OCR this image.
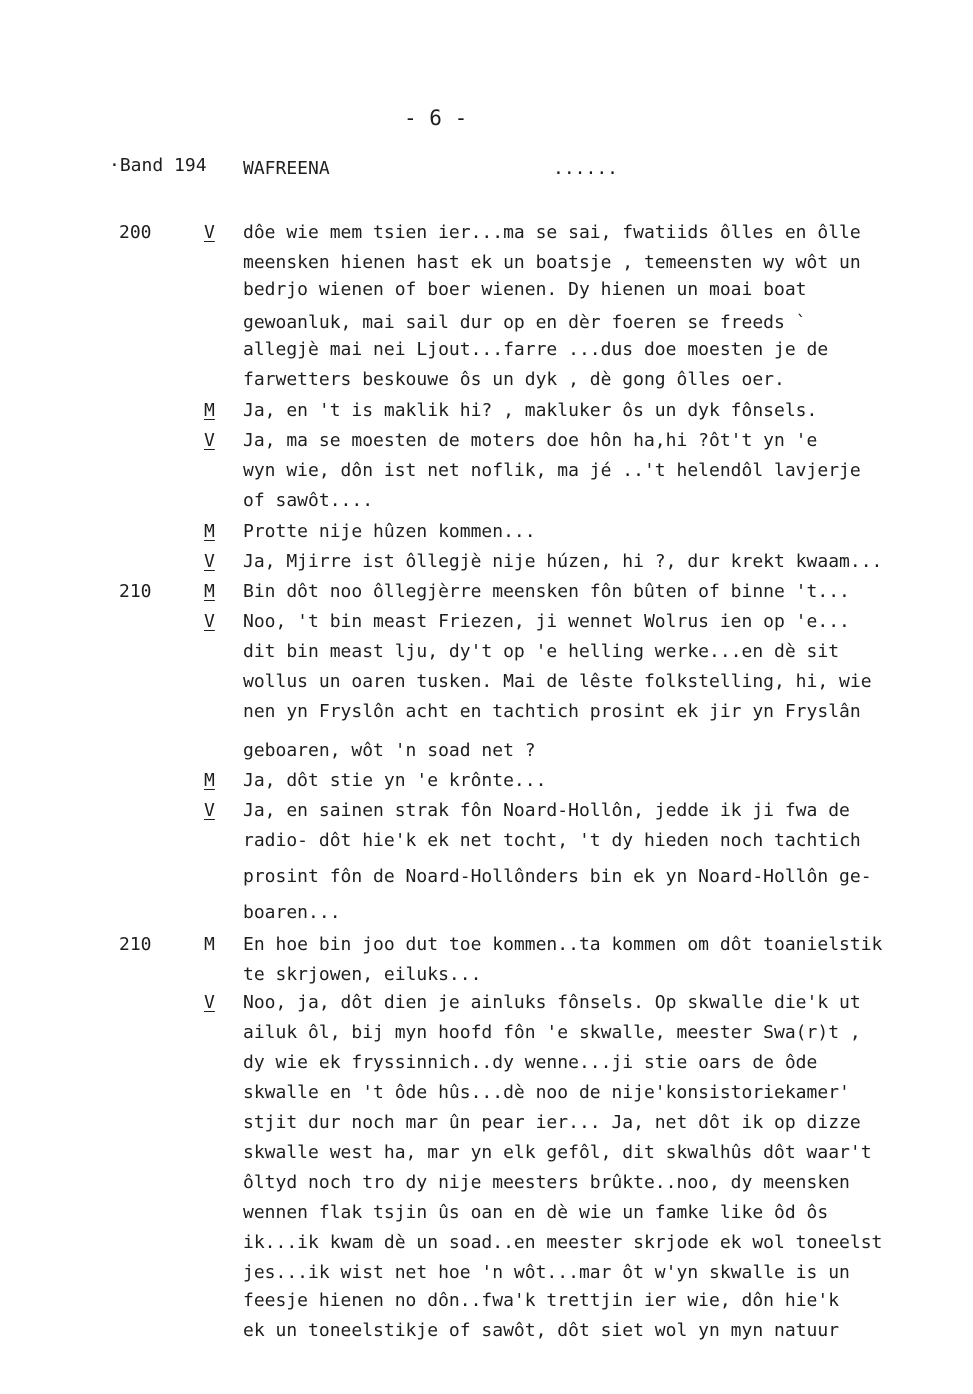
- 6 -
·Band 194 WAFREENA	......
200	V dôe wie mem tsien ier...ma se sai, fwatiids ôlles en ôlle
meensken hienen hast ek un boatsje , temeensten wy wôt un
bedrjo wienen of boer wienen. Dy hienen un moai boat
gewoanluk, mai sail dur op en dèr foeren se freeds `
allegjè mai nei Ljout...farre ...dus doe moesten je de
farwetters beskouwe ôs un dyk , dè gong ôlles oer.
M Ja, en 't is maklik hi? , makluker ôs un dyk fônsels.
V Ja, ma se moesten de moters doe hôn ha,hi ?ôt't yn 'e
wyn wie, dôn ist net noflik, ma jé ..'t helendôl lavjerje
of sawôt....
M Protte nije hûzen kommen...
V Ja, Mjirre ist ôllegjè nije húzen, hi ?, dur krekt kwaam...
210	M Bin dôt noo ôllegjèrre meensken fôn bûten of binne 't...
V Noo, 't bin meast Friezen, ji wennet Wolrus ien op 'e...
dit bin meast lju, dy't op 'e helling werke...en dè sit
wollus un oaren tusken. Mai de lêste folkstelling, hi, wie
nen yn Fryslôn acht en tachtich prosint ek jir yn Fryslân
geboaren, wôt 'n soad net ?
M Ja, dôt stie yn 'e krônte...
V Ja, en sainen strak fôn Noard-Hollôn, jedde ik ji fwa de
radio- dôt hie'k ek net tocht, 't dy hieden noch tachtich
prosint fôn de Noard-Hollônders bin ek yn Noard-Hollôn ge-
boaren...
210	M En hoe bin joo dut toe kommen..ta kommen om dôt toanielstik
te skrjowen, eiluks...
V Noo, ja, dôt dien je ainluks fônsels. Op skwalle die'k ut
ailuk ôl, bij myn hoofd fôn 'e skwalle, meester Swa(r)t ,
dy wie ek fryssinnich..dy wenne...ji stie oars de ôde
skwalle en 't ôde hûs...dè noo de nije'konsistoriekamer'
stjit dur noch mar ûn pear ier... Ja, net dôt ik op dizze
skwalle west ha, mar yn elk gefôl, dit skwalhûs dôt waar't
ôltyd noch tro dy nije meesters brûkte..noo, dy meensken
wennen flak tsjin ûs oan en dè wie un famke like ôd ôs
ik...ik kwam dè un soad..en meester skrjode ek wol toneelst
jes...ik wist net hoe 'n wôt...mar ôt w'yn skwalle is un
feesje hienen no dôn..fwa'k trettjin ier wie, dôn hie'k
ek un toneelstikje of sawôt, dôt siet wol yn myn natuur
